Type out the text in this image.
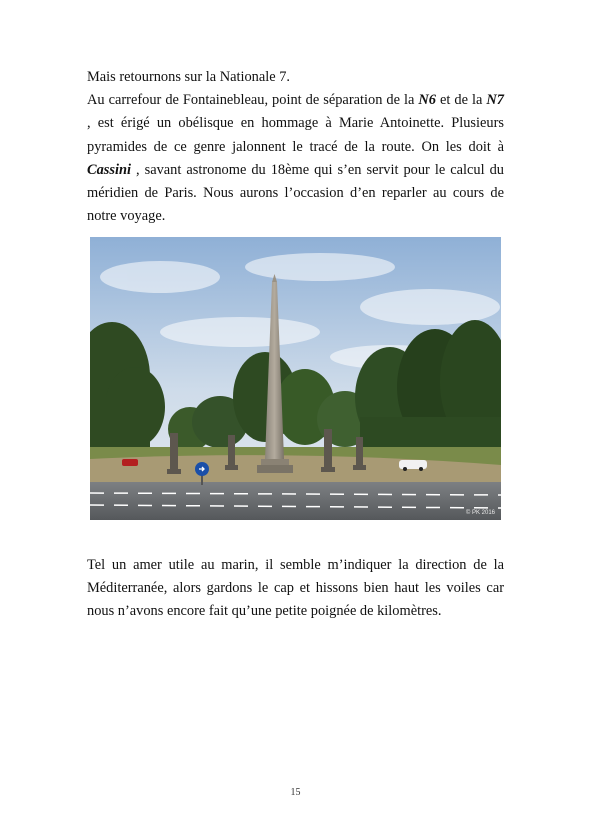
Mais retournons sur la Nationale 7.
Au carrefour de Fontainebleau, point de séparation de la N6 et de la N7 , est érigé un obélisque en hommage à Marie Antoinette. Plusieurs pyramides de ce genre jalonnent le tracé de la route. On les doit à Cassini , savant astronome du 18ème qui s’en servit pour le calcul du méridien de Paris. Nous aurons l’occasion d’en reparler au cours de notre voyage.

© PK 2016

Tel un amer utile au marin, il semble m’indiquer la direction de la Méditerranée, alors gardons le cap et hissons bien haut les voiles car nous n’avons encore fait qu’une petite poignée de kilomètres.

15
